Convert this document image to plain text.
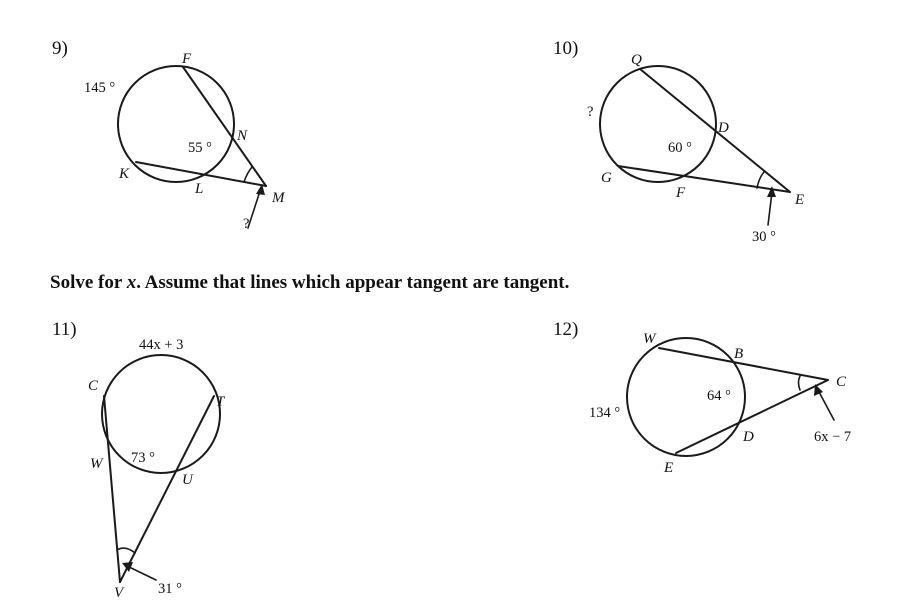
9)	F
N
K
L
M
145 °
55 °
?
10)
Q
D
G
F	E
?
60 °
30 °
11)
C
T
W
U
V
44x + 3
73 °
31 °
12)	W
B
C
D
E
134 °
64 °
6x − 7
Solve for x. Assume that lines which appear tangent are tangent.
